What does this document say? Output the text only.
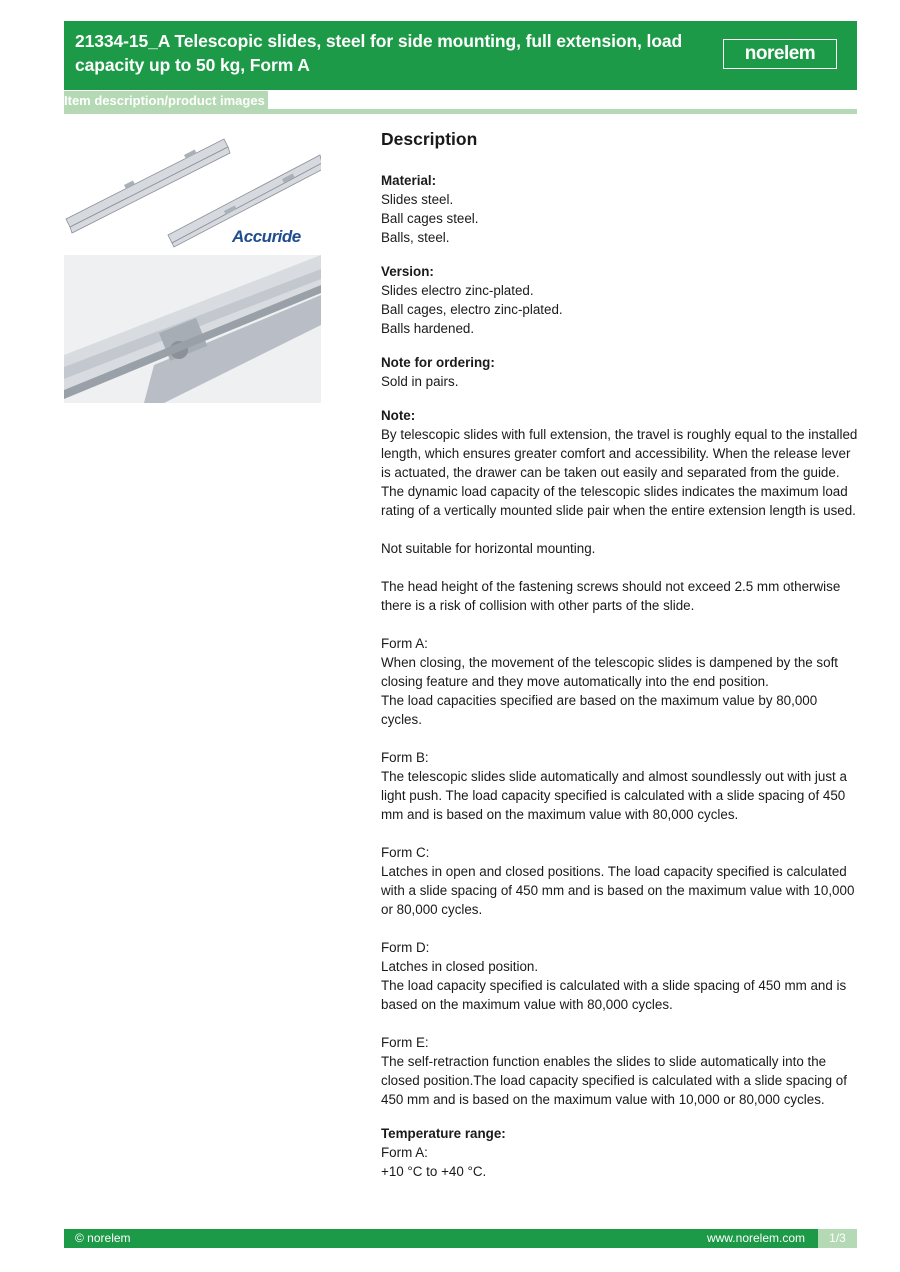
21334-15_A Telescopic slides, steel for side mounting, full extension, load
capacity up to 50 kg, Form A
norelem
Item description/product images
Accuride
Description
Material:
Slides steel.
Ball cages steel.
Balls, steel.
Version:
Slides electro zinc-plated.
Ball cages, electro zinc-plated.
Balls hardened.
Note for ordering:
Sold in pairs.
Note:
By telescopic slides with full extension, the travel is roughly equal to the installed length, which ensures greater comfort and accessibility. When the release lever is actuated, the drawer can be taken out easily and separated from the guide. The dynamic load capacity of the telescopic slides indicates the maximum load rating of a vertically mounted slide pair when the entire extension length is used.
Not suitable for horizontal mounting.
The head height of the fastening screws should not exceed 2.5 mm otherwise there is a risk of collision with other parts of the slide.
Form A:
When closing, the movement of the telescopic slides is dampened by the soft closing feature and they move automatically into the end position.
The load capacities specified are based on the maximum value by 80,000 cycles.
Form B:
The telescopic slides slide automatically and almost soundlessly out with just a light push. The load capacity specified is calculated with a slide spacing of 450 mm and is based on the maximum value with 80,000 cycles.
Form C:
Latches in open and closed positions. The load capacity specified is calculated with a slide spacing of 450 mm and is based on the maximum value with 10,000 or 80,000 cycles.
Form D:
Latches in closed position.
The load capacity specified is calculated with a slide spacing of 450 mm and is based on the maximum value with 80,000 cycles.
Form E:
The self-retraction function enables the slides to slide automatically into the closed position.The load capacity specified is calculated with a slide spacing of 450 mm and is based on the maximum value with 10,000 or 80,000 cycles.
Temperature range:
Form A:
+10 °C to +40 °C.
© norelem	www.norelem.com	1/3
